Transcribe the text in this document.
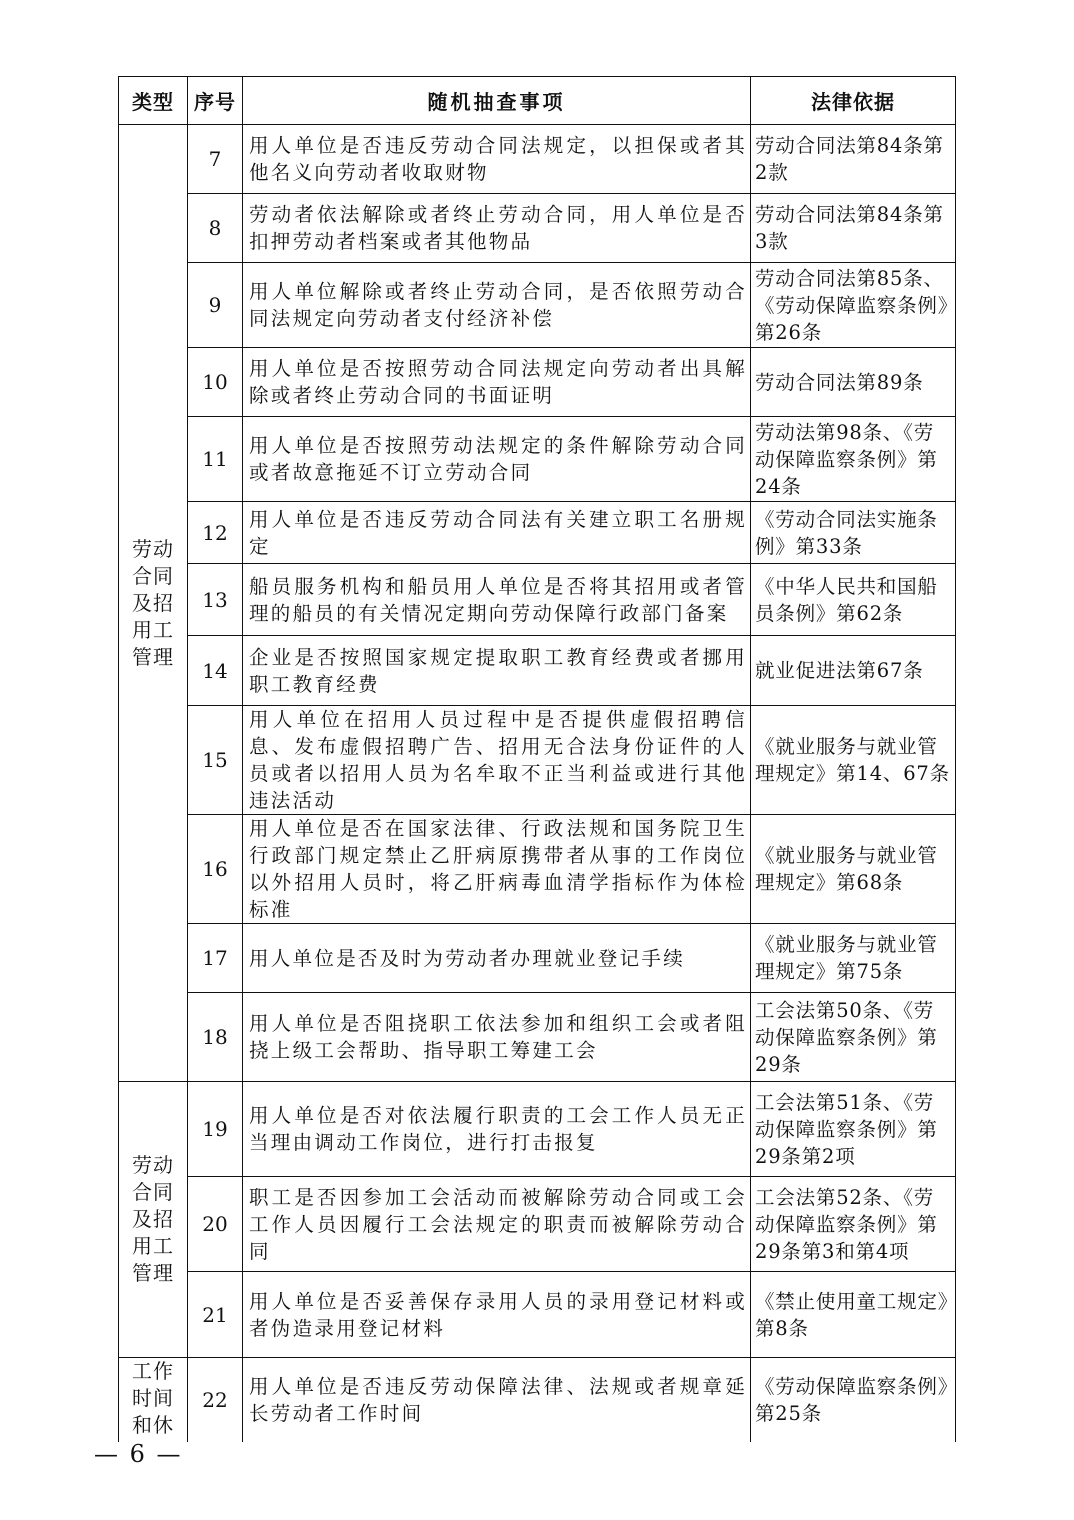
类型	序号	随机抽查事项	法律依据

劳动
合同
及招
用工
管理	7	用人单位是否违反劳动合同法规定，以担保或者其他名义向劳动者收取财物	劳动合同法第84条第2款
	8	劳动者依法解除或者终止劳动合同，用人单位是否扣押劳动者档案或者其他物品	劳动合同法第84条第3款
	9	用人单位解除或者终止劳动合同，是否依照劳动合同法规定向劳动者支付经济补偿	劳动合同法第85条、《劳动保障监察条例》第26条
	10	用人单位是否按照劳动合同法规定向劳动者出具解除或者终止劳动合同的书面证明	劳动合同法第89条
	11	用人单位是否按照劳动法规定的条件解除劳动合同或者故意拖延不订立劳动合同	劳动法第98条、《劳动保障监察条例》第24条
	12	用人单位是否违反劳动合同法有关建立职工名册规定	《劳动合同法实施条例》第33条
	13	船员服务机构和船员用人单位是否将其招用或者管理的船员的有关情况定期向劳动保障行政部门备案	《中华人民共和国船员条例》第62条
	14	企业是否按照国家规定提取职工教育经费或者挪用职工教育经费	就业促进法第67条
	15	用人单位在招用人员过程中是否提供虚假招聘信息、发布虚假招聘广告、招用无合法身份证件的人员或者以招用人员为名牟取不正当利益或进行其他违法活动	《就业服务与就业管理规定》第14、67条
	16	用人单位是否在国家法律、行政法规和国务院卫生行政部门规定禁止乙肝病原携带者从事的工作岗位以外招用人员时，将乙肝病毒血清学指标作为体检标准	《就业服务与就业管理规定》第68条
	17	用人单位是否及时为劳动者办理就业登记手续	《就业服务与就业管理规定》第75条
	18	用人单位是否阻挠职工依法参加和组织工会或者阻挠上级工会帮助、指导职工筹建工会	工会法第50条、《劳动保障监察条例》第29条

劳动
合同
及招
用工
管理	19	用人单位是否对依法履行职责的工会工作人员无正当理由调动工作岗位，进行打击报复	工会法第51条、《劳动保障监察条例》第29条第2项
	20	职工是否因参加工会活动而被解除劳动合同或工会工作人员因履行工会法规定的职责而被解除劳动合同	工会法第52条、《劳动保障监察条例》第29条第3和第4项
	21	用人单位是否妥善保存录用人员的录用登记材料或者伪造录用登记材料	《禁止使用童工规定》第8条

工作
时间
和休	22	用人单位是否违反劳动保障法律、法规或者规章延长劳动者工作时间	《劳动保障监察条例》第25条
— 6 —
